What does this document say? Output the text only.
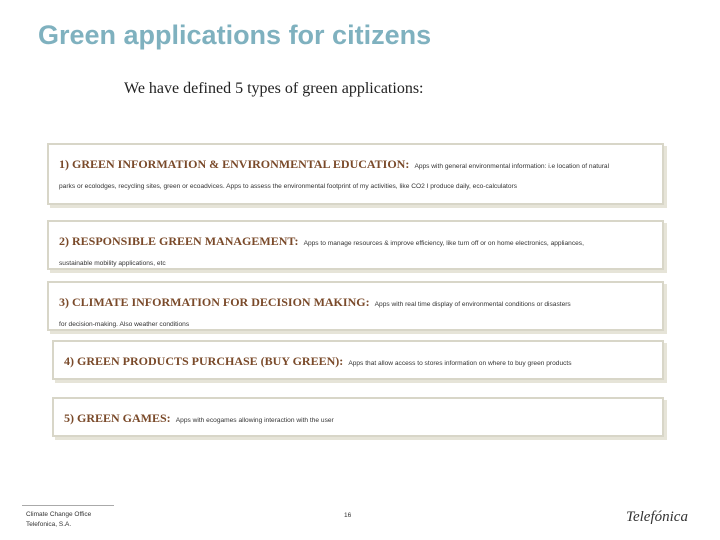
Green applications for citizens
We have defined 5 types of green applications:
1) GREEN INFORMATION & ENVIRONMENTAL EDUCATION: Apps with general environmental information: i.e location of natural
parks or ecolodges, recycling sites, green or ecoadvices. Apps to assess the environmental footprint of my activities, like CO2 I produce daily, eco-calculators
2) RESPONSIBLE GREEN MANAGEMENT: Apps to manage resources & improve efficiency, like turn off or on home electronics, appliances,
sustainable mobility applications, etc
3) CLIMATE INFORMATION FOR DECISION MAKING: Apps with real time display of environmental conditions or disasters
for decision-making. Also weather conditions
4) GREEN PRODUCTS PURCHASE (BUY GREEN): Apps that allow access to stores information on where to buy green products
5) GREEN GAMES: Apps with ecogames allowing interaction with the user
Climate Change Office
Telefonica, S.A.
16	Telefónica
